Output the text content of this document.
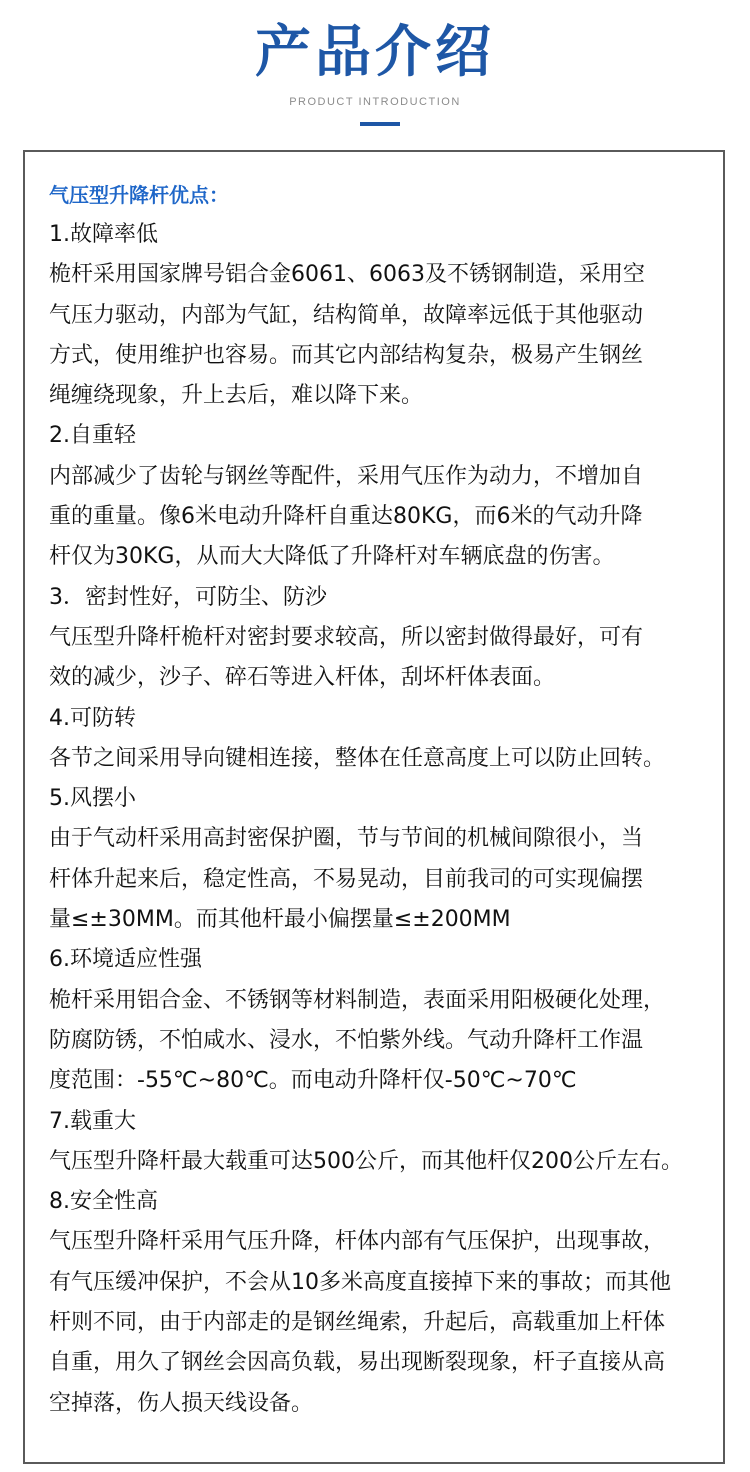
产品介绍
PRODUCT INTRODUCTION
气压型升降杆优点：
1.故障率低
桅杆采用国家牌号铝合金6061、6063及不锈钢制造，采用空
气压力驱动，内部为气缸，结构简单，故障率远低于其他驱动
方式，使用维护也容易。而其它内部结构复杂，极易产生钢丝
绳缠绕现象，升上去后，难以降下来。
2.自重轻
内部减少了齿轮与钢丝等配件，采用气压作为动力，不增加自
重的重量。像6米电动升降杆自重达80KG，而6米的气动升降
杆仅为30KG，从而大大降低了升降杆对车辆底盘的伤害。
3．密封性好，可防尘、防沙
气压型升降杆桅杆对密封要求较高，所以密封做得最好，可有
效的减少，沙子、碎石等进入杆体，刮坏杆体表面。
4.可防转
各节之间采用导向键相连接，整体在任意高度上可以防止回转。
5.风摆小
由于气动杆采用高封密保护圈，节与节间的机械间隙很小，当
杆体升起来后，稳定性高，不易晃动，目前我司的可实现偏摆
量≤±30MM。而其他杆最小偏摆量≤±200MM
6.环境适应性强
桅杆采用铝合金、不锈钢等材料制造，表面采用阳极硬化处理，
防腐防锈，不怕咸水、浸水，不怕紫外线。气动升降杆工作温
度范围：-55℃~80℃。而电动升降杆仅-50℃~70℃
7.载重大
气压型升降杆最大载重可达500公斤，而其他杆仅200公斤左右。
8.安全性高
气压型升降杆采用气压升降，杆体内部有气压保护，出现事故，
有气压缓冲保护，不会从10多米高度直接掉下来的事故；而其他
杆则不同，由于内部走的是钢丝绳索，升起后，高载重加上杆体
自重，用久了钢丝会因高负载，易出现断裂现象，杆子直接从高
空掉落，伤人损天线设备。
